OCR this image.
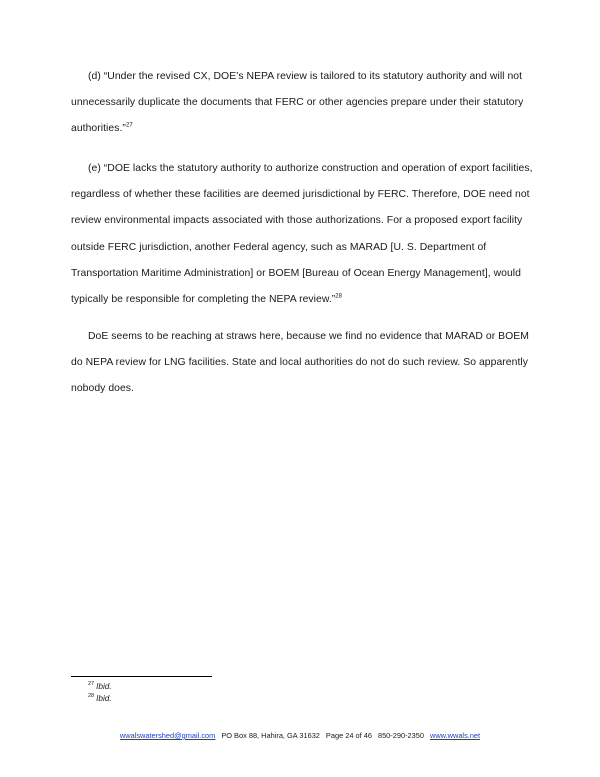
(d) “Under the revised CX, DOE’s NEPA review is tailored to its statutory authority and will not unnecessarily duplicate the documents that FERC or other agencies prepare under their statutory authorities.”$^{27}$

(e) “DOE lacks the statutory authority to authorize construction and operation of export facilities, regardless of whether these facilities are deemed jurisdictional by FERC. Therefore, DOE need not review environmental impacts associated with those authorizations. For a proposed export facility outside FERC jurisdiction, another Federal agency, such as MARAD [U. S. Department of Transportation Maritime Administration] or BOEM [Bureau of Ocean Energy Management], would typically be responsible for completing the NEPA review.”$^{28}$

DoE seems to be reaching at straws here, because we find no evidence that MARAD or BOEM do NEPA review for LNG facilities. State and local authorities do not do such review. So apparently nobody does.

$^{27}$ Ibid.
$^{28}$ Ibid.
wwalswatershed@gmail.com PO Box 88, Hahira, GA 31632 Page 24 of 46 850-290-2350 www.wwals.net
